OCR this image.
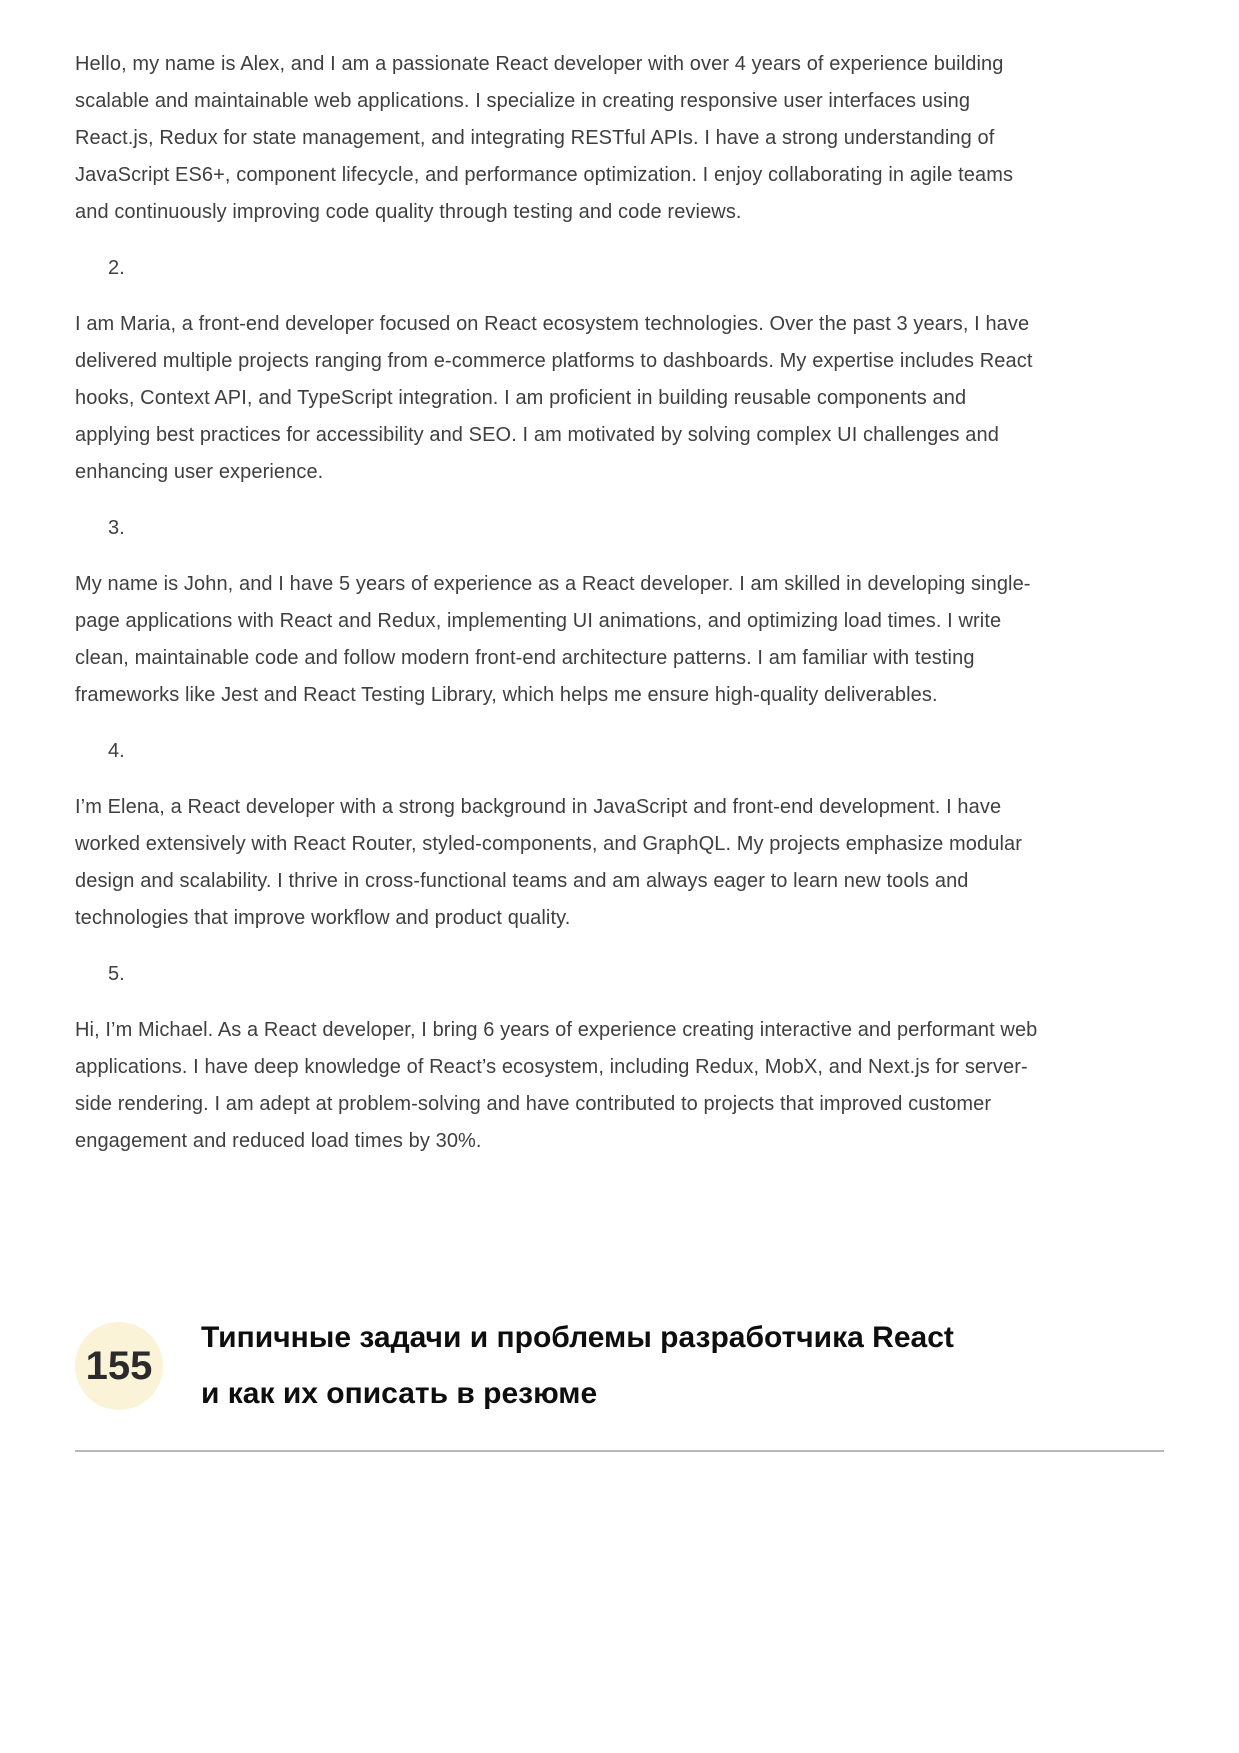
Hello, my name is Alex, and I am a passionate React developer with over 4 years of experience building scalable and maintainable web applications. I specialize in creating responsive user interfaces using React.js, Redux for state management, and integrating RESTful APIs. I have a strong understanding of JavaScript ES6+, component lifecycle, and performance optimization. I enjoy collaborating in agile teams and continuously improving code quality through testing and code reviews.

2.

I am Maria, a front-end developer focused on React ecosystem technologies. Over the past 3 years, I have delivered multiple projects ranging from e-commerce platforms to dashboards. My expertise includes React hooks, Context API, and TypeScript integration. I am proficient in building reusable components and applying best practices for accessibility and SEO. I am motivated by solving complex UI challenges and enhancing user experience.

3.

My name is John, and I have 5 years of experience as a React developer. I am skilled in developing single-page applications with React and Redux, implementing UI animations, and optimizing load times. I write clean, maintainable code and follow modern front-end architecture patterns. I am familiar with testing frameworks like Jest and React Testing Library, which helps me ensure high-quality deliverables.

4.

I’m Elena, a React developer with a strong background in JavaScript and front-end development. I have worked extensively with React Router, styled-components, and GraphQL. My projects emphasize modular design and scalability. I thrive in cross-functional teams and am always eager to learn new tools and technologies that improve workflow and product quality.

5.

Hi, I’m Michael. As a React developer, I bring 6 years of experience creating interactive and performant web applications. I have deep knowledge of React’s ecosystem, including Redux, MobX, and Next.js for server-side rendering. I am adept at problem-solving and have contributed to projects that improved customer engagement and reduced load times by 30%.

155
Типичные задачи и проблемы разработчика React
и как их описать в резюме
